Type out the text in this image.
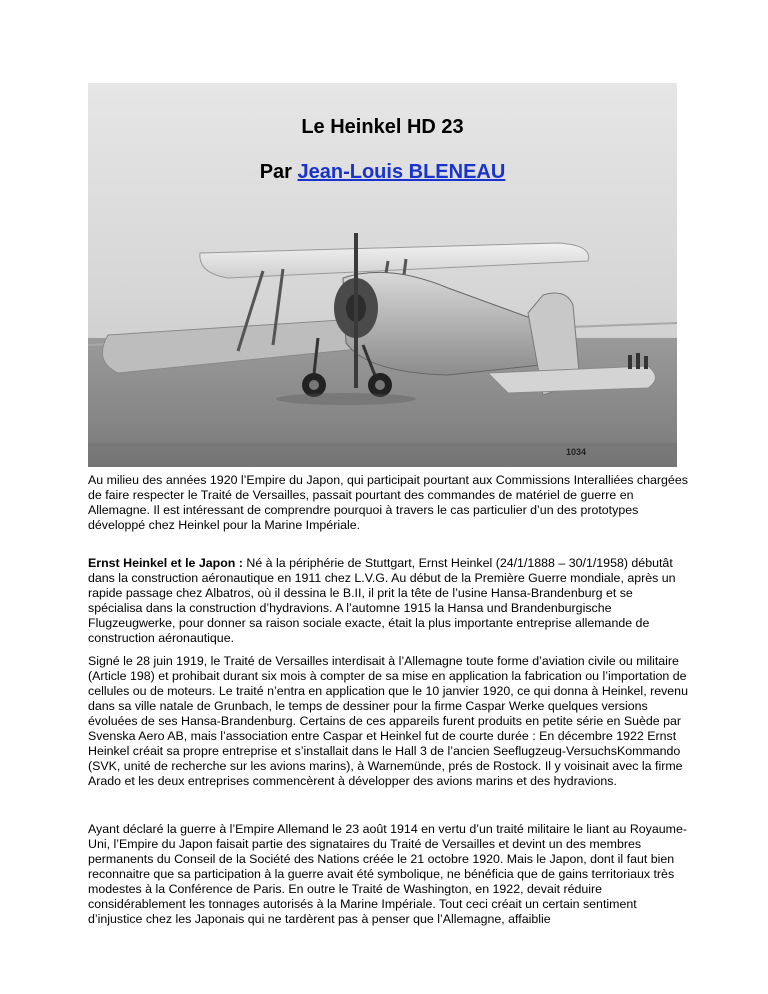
1034
Le Heinkel HD 23
Par Jean-Louis BLENEAU

Au milieu des années 1920 l’Empire du Japon, qui participait pourtant aux Commissions Interalliées chargées de faire respecter le Traité de Versailles, passait pourtant des commandes de matériel de guerre en Allemagne. Il est intéressant de comprendre pourquoi à travers le cas particulier d’un des prototypes développé chez Heinkel pour la Marine Impériale.

Ernst Heinkel et le Japon : Né à la périphérie de Stuttgart, Ernst Heinkel (24/1/1888 – 30/1/1958) débutât dans la construction aéronautique en 1911 chez L.V.G. Au début de la Première Guerre mondiale, après un rapide passage chez Albatros, où il dessina le B.II, il prit la tête de l’usine Hansa-Brandenburg et se spécialisa dans la construction d’hydravions. A l’automne 1915 la Hansa und Brandenburgische Flugzeugwerke, pour donner sa raison sociale exacte, était la plus importante entreprise allemande de construction aéronautique.

Signé le 28 juin 1919, le Traité de Versailles interdisait à l’Allemagne toute forme d’aviation civile ou militaire (Article 198) et prohibait durant six mois à compter de sa mise en application la fabrication ou l’importation de cellules ou de moteurs. Le traité n’entra en application que le 10 janvier 1920, ce qui donna à Heinkel, revenu dans sa ville natale de Grunbach, le temps de dessiner pour la firme Caspar Werke quelques versions évoluées de ses Hansa-Brandenburg. Certains de ces appareils furent produits en petite série en Suède par Svenska Aero AB, mais l’association entre Caspar et Heinkel fut de courte durée : En décembre 1922 Ernst Heinkel créait sa propre entreprise et s’installait dans le Hall 3 de l’ancien Seeflugzeug-VersuchsKommando (SVK, unité de recherche sur les avions marins), à Warnemünde, prés de Rostock. Il y voisinait avec la firme Arado et les deux entreprises commencèrent à développer des avions marins et des hydravions.

Ayant déclaré la guerre à l’Empire Allemand le 23 août 1914 en vertu d’un traité militaire le liant au Royaume-Uni, l’Empire du Japon faisait partie des signataires du Traité de Versailles et devint un des membres permanents du Conseil de la Société des Nations créée le 21 octobre 1920. Mais le Japon, dont il faut bien reconnaitre que sa participation à la guerre avait été symbolique, ne bénéficia que de gains territoriaux très modestes à la Conférence de Paris. En outre le Traité de Washington, en 1922, devait réduire considérablement les tonnages autorisés à la Marine Impériale. Tout ceci créait un certain sentiment d’injustice chez les Japonais qui ne tardèrent pas à penser que l’Allemagne, affaiblie
